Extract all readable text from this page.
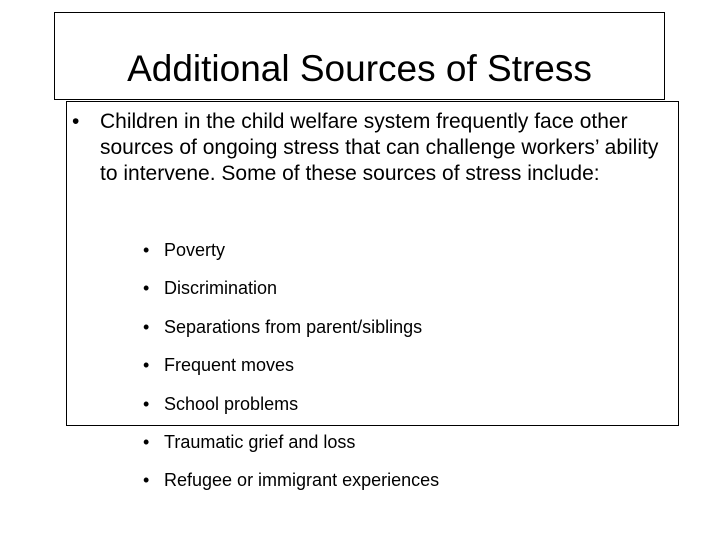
Additional Sources of Stress

• Children in the child welfare system frequently face other sources of ongoing stress that can challenge workers’ ability to intervene. Some of these sources of stress include:

• Poverty
• Discrimination
• Separations from parent/siblings
• Frequent moves
• School problems
• Traumatic grief and loss
• Refugee or immigrant experiences
